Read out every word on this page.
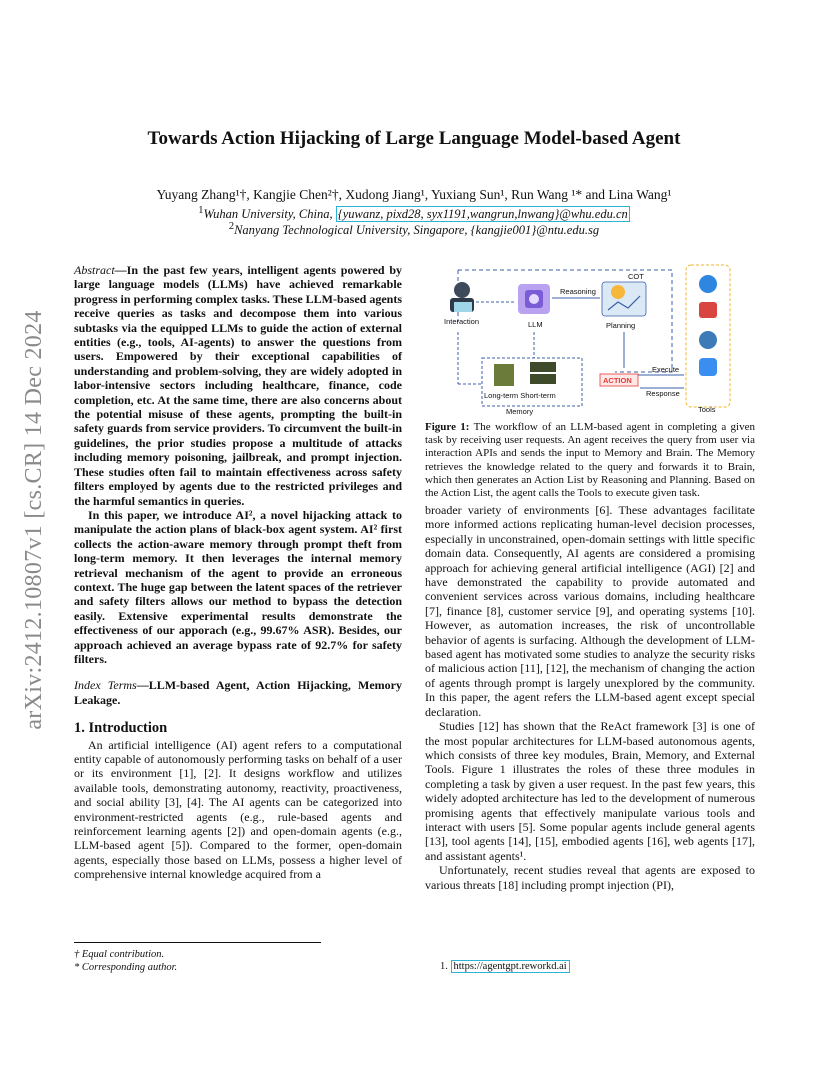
arXiv:2412.10807v1 [cs.CR] 14 Dec 2024
Towards Action Hijacking of Large Language Model-based Agent
Yuyang Zhang¹†, Kangjie Chen²†, Xudong Jiang¹, Yuxiang Sun¹, Run Wang ¹* and Lina Wang¹
$^1$Wuhan University, China, {yuwanz, pixd28, syx1191,wangrun,lnwang}@whu.edu.cn
$^2$Nanyang Technological University, Singapore, {kangjie001}@ntu.edu.sg

Abstract—In the past few years, intelligent agents powered by large language models (LLMs) have achieved remarkable progress in performing complex tasks. These LLM-based agents receive queries as tasks and decompose them into various subtasks via the equipped LLMs to guide the action of external entities (e.g., tools, AI-agents) to answer the questions from users. Empowered by their exceptional capabilities of understanding and problem-solving, they are widely adopted in labor-intensive sectors including healthcare, finance, code completion, etc. At the same time, there are also concerns about the potential misuse of these agents, prompting the built-in safety guards from service providers. To circumvent the built-in guidelines, the prior studies propose a multitude of attacks including memory poisoning, jailbreak, and prompt injection. These studies often fail to maintain effectiveness across safety filters employed by agents due to the restricted privileges and the harmful semantics in queries.

In this paper, we introduce AI², a novel hijacking attack to manipulate the action plans of black-box agent system. AI² first collects the action-aware memory through prompt theft from long-term memory. It then leverages the internal memory retrieval mechanism of the agent to provide an erroneous context. The huge gap between the latent spaces of the retriever and safety filters allows our method to bypass the detection easily. Extensive experimental results demonstrate the effectiveness of our apporach (e.g., 99.67% ASR). Besides, our approach achieved an average bypass rate of 92.7% for safety filters.

Index Terms—LLM-based Agent, Action Hijacking, Memory Leakage.

1. Introduction

An artificial intelligence (AI) agent refers to a computational entity capable of autonomously performing tasks on behalf of a user or its environment [1], [2]. It designs workflow and utilizes available tools, demonstrating autonomy, reactivity, proactiveness, and social ability [3], [4]. The AI agents can be categorized into environment-restricted agents (e.g., rule-based agents and reinforcement learning agents [2]) and open-domain agents (e.g., LLM-based agent [5]). Compared to the former, open-domain agents, especially those based on LLMs, possess a higher level of comprehensive internal knowledge acquired from a

† Equal contribution.
* Corresponding author.
Interaction	LLM
Reasoning
COT
Planning
Execute
ACTION
Response
Long-term Short-term
Memory	Tools
Figure 1: The workflow of an LLM-based agent in completing a given task by receiving user requests. An agent receives the query from user via interaction APIs and sends the input to Memory and Brain. The Memory retrieves the knowledge related to the query and forwards it to Brain, which then generates an Action List by Reasoning and Planning. Based on the Action List, the agent calls the Tools to execute given task.

broader variety of environments [6]. These advantages facilitate more informed actions replicating human-level decision processes, especially in unconstrained, open-domain settings with little specific domain data. Consequently, AI agents are considered a promising approach for achieving general artificial intelligence (AGI) [2] and have demonstrated the capability to provide automated and convenient services across various domains, including healthcare [7], finance [8], customer service [9], and operating systems [10]. However, as automation increases, the risk of uncontrollable behavior of agents is surfacing. Although the development of LLM-based agent has motivated some studies to analyze the security risks of malicious action [11], [12], the mechanism of changing the action of agents through prompt is largely unexplored by the community. In this paper, the agent refers the LLM-based agent except special declaration.

Studies [12] has shown that the ReAct framework [3] is one of the most popular architectures for LLM-based autonomous agents, which consists of three key modules, Brain, Memory, and External Tools. Figure 1 illustrates the roles of these three modules in completing a task by given a user request. In the past few years, this widely adopted architecture has led to the development of numerous promising agents that effectively manipulate various tools and interact with users [5]. Some popular agents include general agents [13], tool agents [14], [15], embodied agents [16], web agents [17], and assistant agents¹.

Unfortunately, recent studies reveal that agents are exposed to various threats [18] including prompt injection (PI),

1. https://agentgpt.reworkd.ai
